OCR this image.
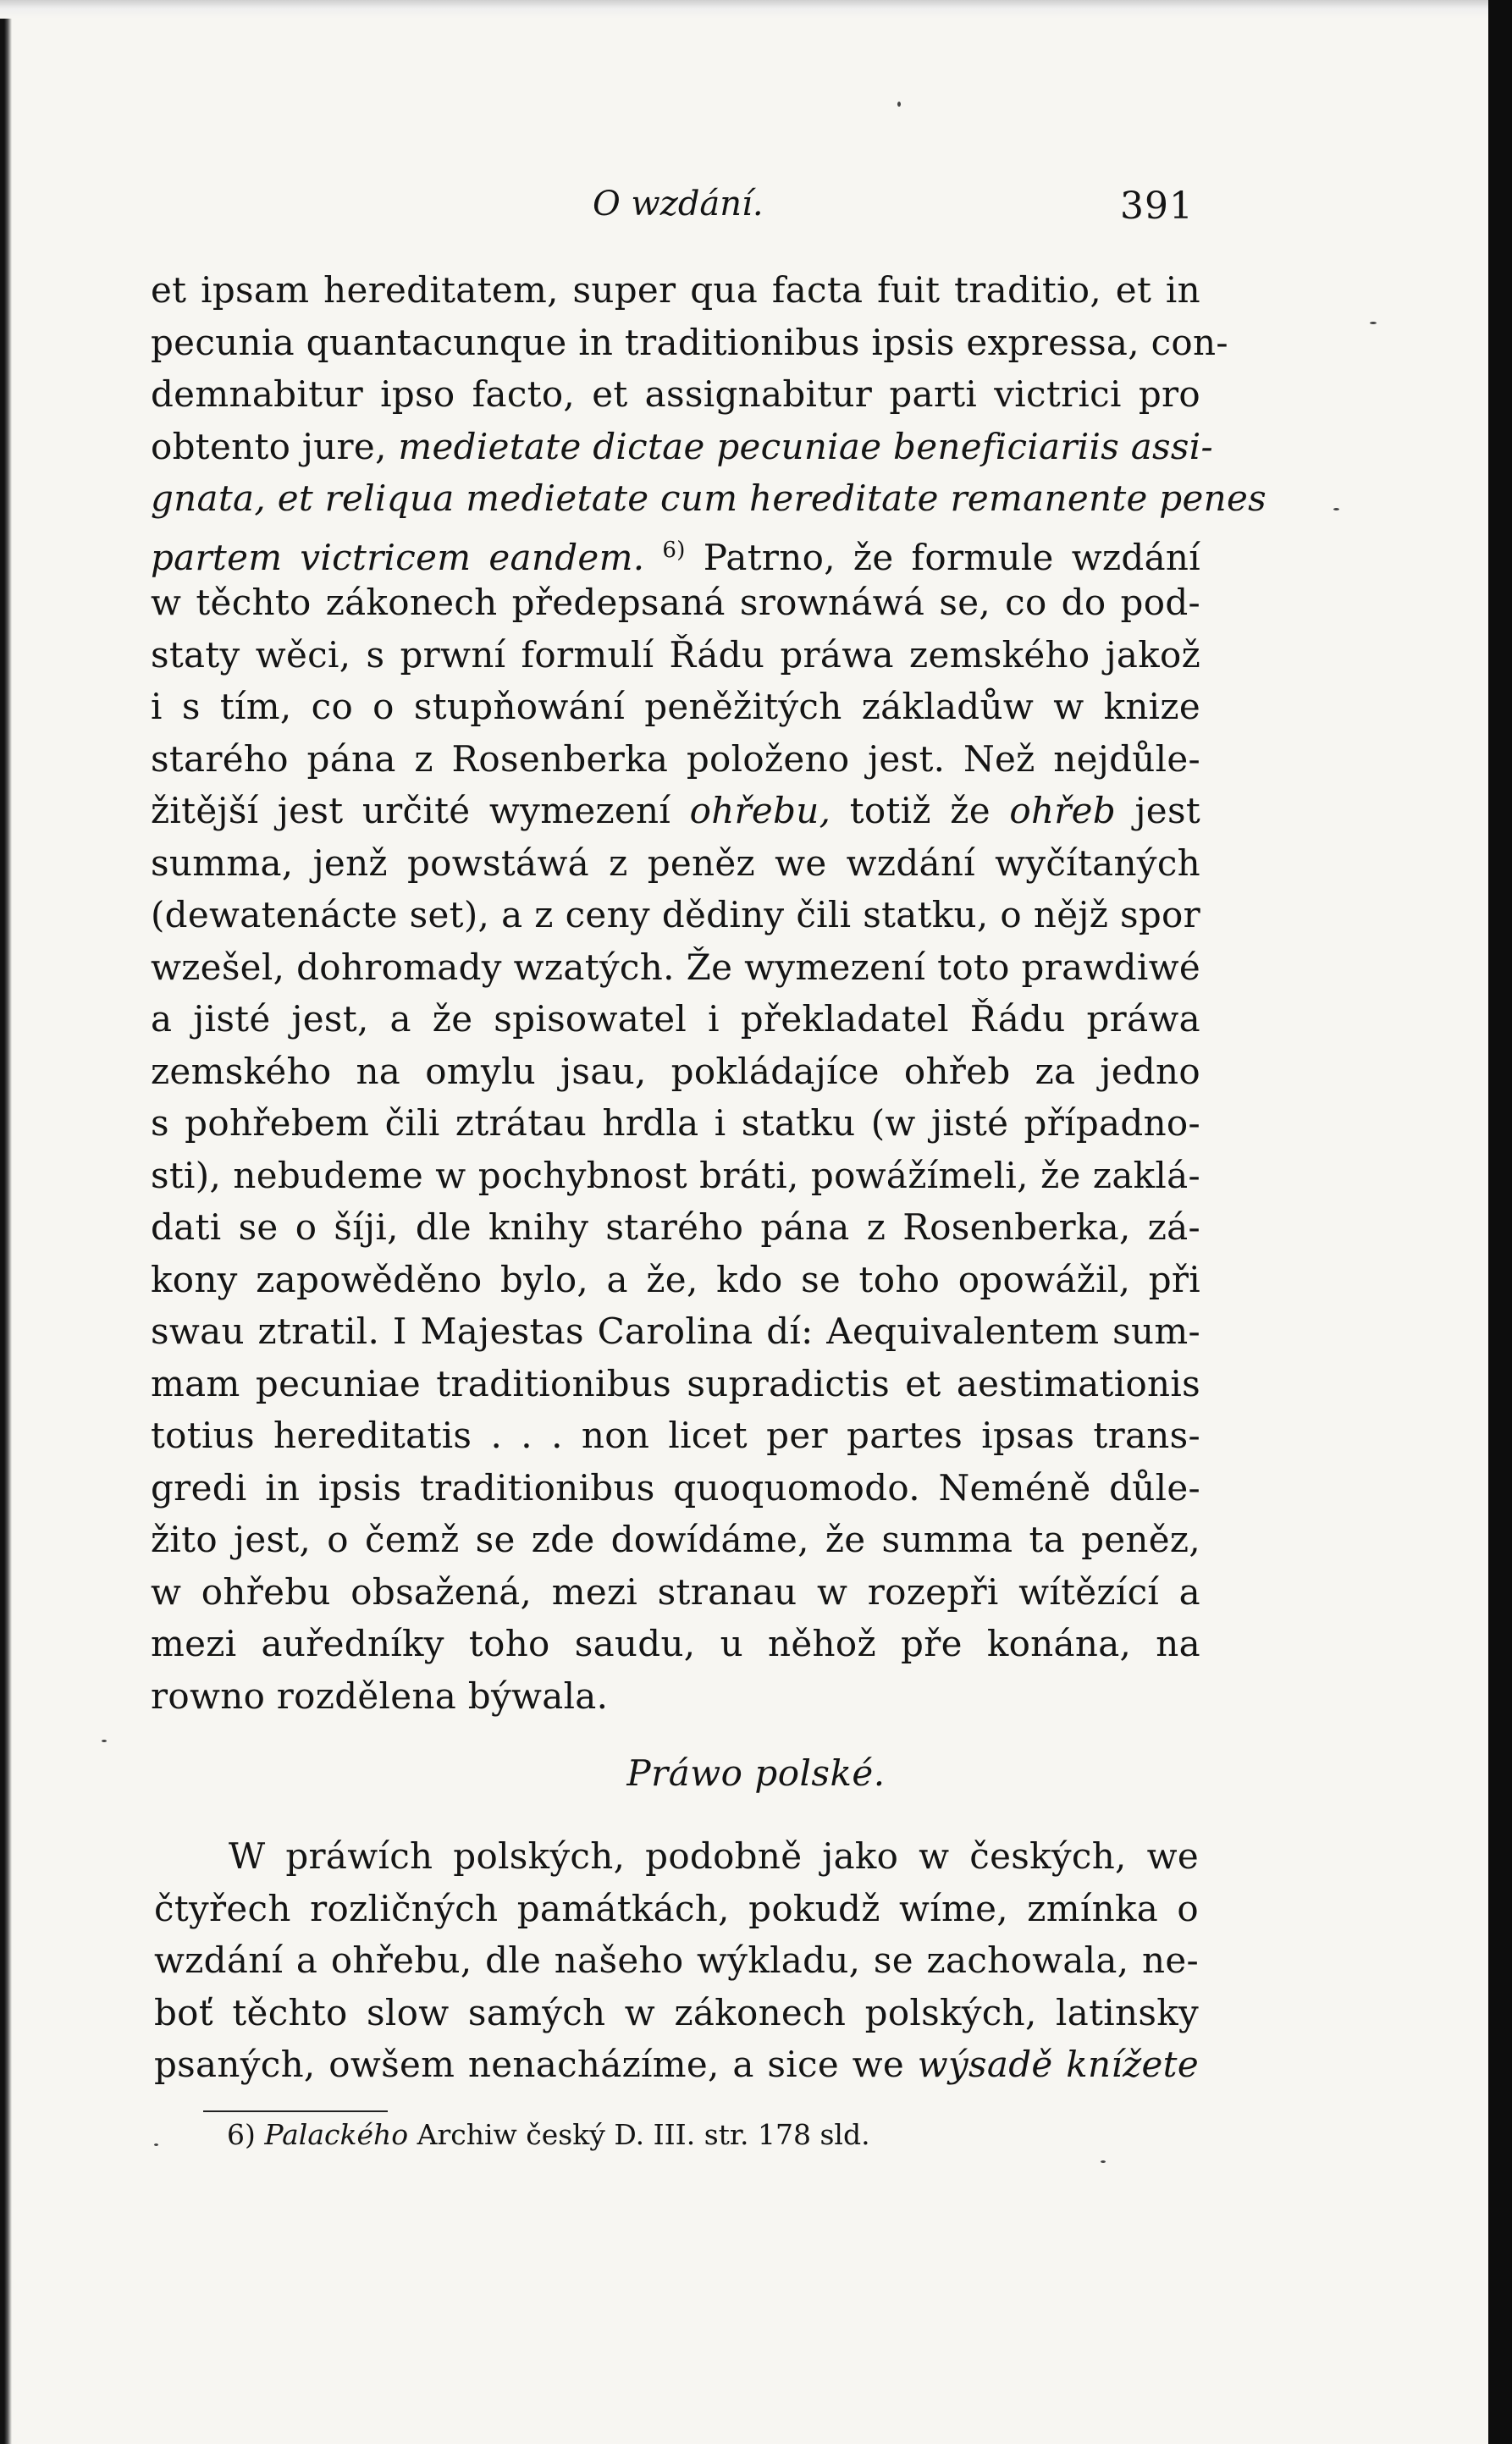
O wzdání.	391
et ipsam hereditatem, super qua facta fuit traditio, et in
pecunia quantacunque in traditionibus ipsis expressa, con-
demnabitur ipso facto, et assignabitur parti victrici pro
obtento jure, medietate dictae pecuniae beneficiariis assi-
gnata, et reliqua medietate cum hereditate remanente penes
partem victricem eandem. $^{6)}$ Patrno, že formule wzdání
w těchto zákonech předepsaná srownáwá se, co do pod-
staty wěci, s prwní formulí Řádu práwa zemského jakož
i s tím, co o stupňowání peněžitých základůw w knize
starého pána z Rosenberka položeno jest. Než nejdůle-
žitější jest určité wymezení ohřebu, totiž že ohřeb jest
summa, jenž powstáwá z peněz we wzdání wyčítaných
(dewatenácte set), a z ceny dědiny čili statku, o nějž spor
wzešel, dohromady wzatých. Že wymezení toto prawdiwé
a jisté jest, a že spisowatel i překladatel Řádu práwa
zemského na omylu jsau, pokládajíce ohřeb za jedno
s pohřebem čili ztrátau hrdla i statku (w jisté případno-
sti), nebudeme w pochybnost bráti, powážímeli, že zaklá-
dati se o šíji, dle knihy starého pána z Rosenberka, zá-
kony zapowěděno bylo, a že, kdo se toho opowážil, při
swau ztratil. I Majestas Carolina dí: Aequivalentem sum-
mam pecuniae traditionibus supradictis et aestimationis
totius hereditatis . . . non licet per partes ipsas trans-
gredi in ipsis traditionibus quoquomodo. Neméně důle-
žito jest, o čemž se zde dowídáme, že summa ta peněz,
w ohřebu obsažená, mezi stranau w rozepři wítězící a
mezi auředníky toho saudu, u něhož pře konána, na
rowno rozdělena býwala.
Práwo polské.
W práwích polských, podobně jako w českých, we
čtyřech rozličných památkách, pokudž wíme, zmínka o
wzdání a ohřebu, dle našeho wýkladu, se zachowala, ne-
boť těchto slow samých w zákonech polských, latinsky
psaných, owšem nenacházíme, a sice we wýsadě knížete
6) Palackého Archiw český D. III. str. 178 sld.
